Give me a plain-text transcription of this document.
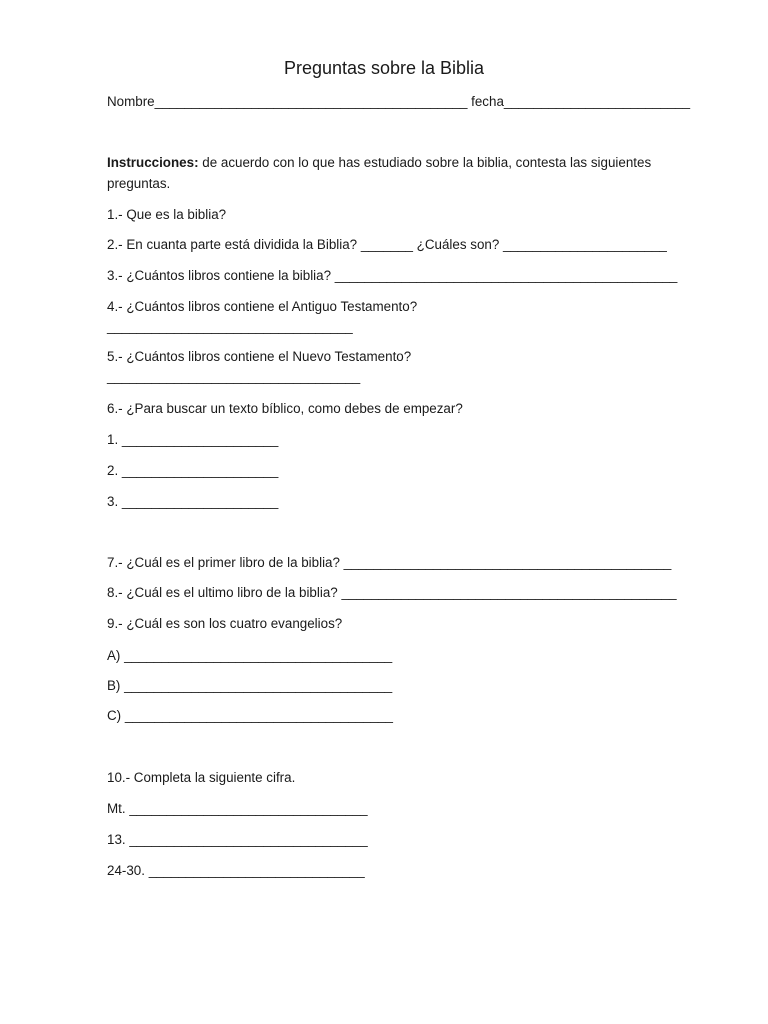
Preguntas sobre la Biblia
Nombre__________________________________________ fecha_________________________
Instrucciones: de acuerdo con lo que has estudiado sobre la biblia, contesta las siguientes
preguntas.
1.- Que es la biblia?
2.- En cuanta parte está dividida la Biblia? _______ ¿Cuáles son? ______________________
3.- ¿Cuántos libros contiene la biblia? ______________________________________________
4.- ¿Cuántos libros contiene el Antiguo Testamento?
_________________________________
5.- ¿Cuántos libros contiene el Nuevo Testamento?
__________________________________
6.- ¿Para buscar un texto bíblico, como debes de empezar?
1. _____________________
2. _____________________
3. _____________________
7.- ¿Cuál es el primer libro de la biblia? ____________________________________________
8.- ¿Cuál es el ultimo libro de la biblia? _____________________________________________
9.- ¿Cuál es son los cuatro evangelios?
A) ____________________________________
B) ____________________________________
C) ____________________________________
10.- Completa la siguiente cifra.
Mt. ________________________________
13. ________________________________
24-30. _____________________________
